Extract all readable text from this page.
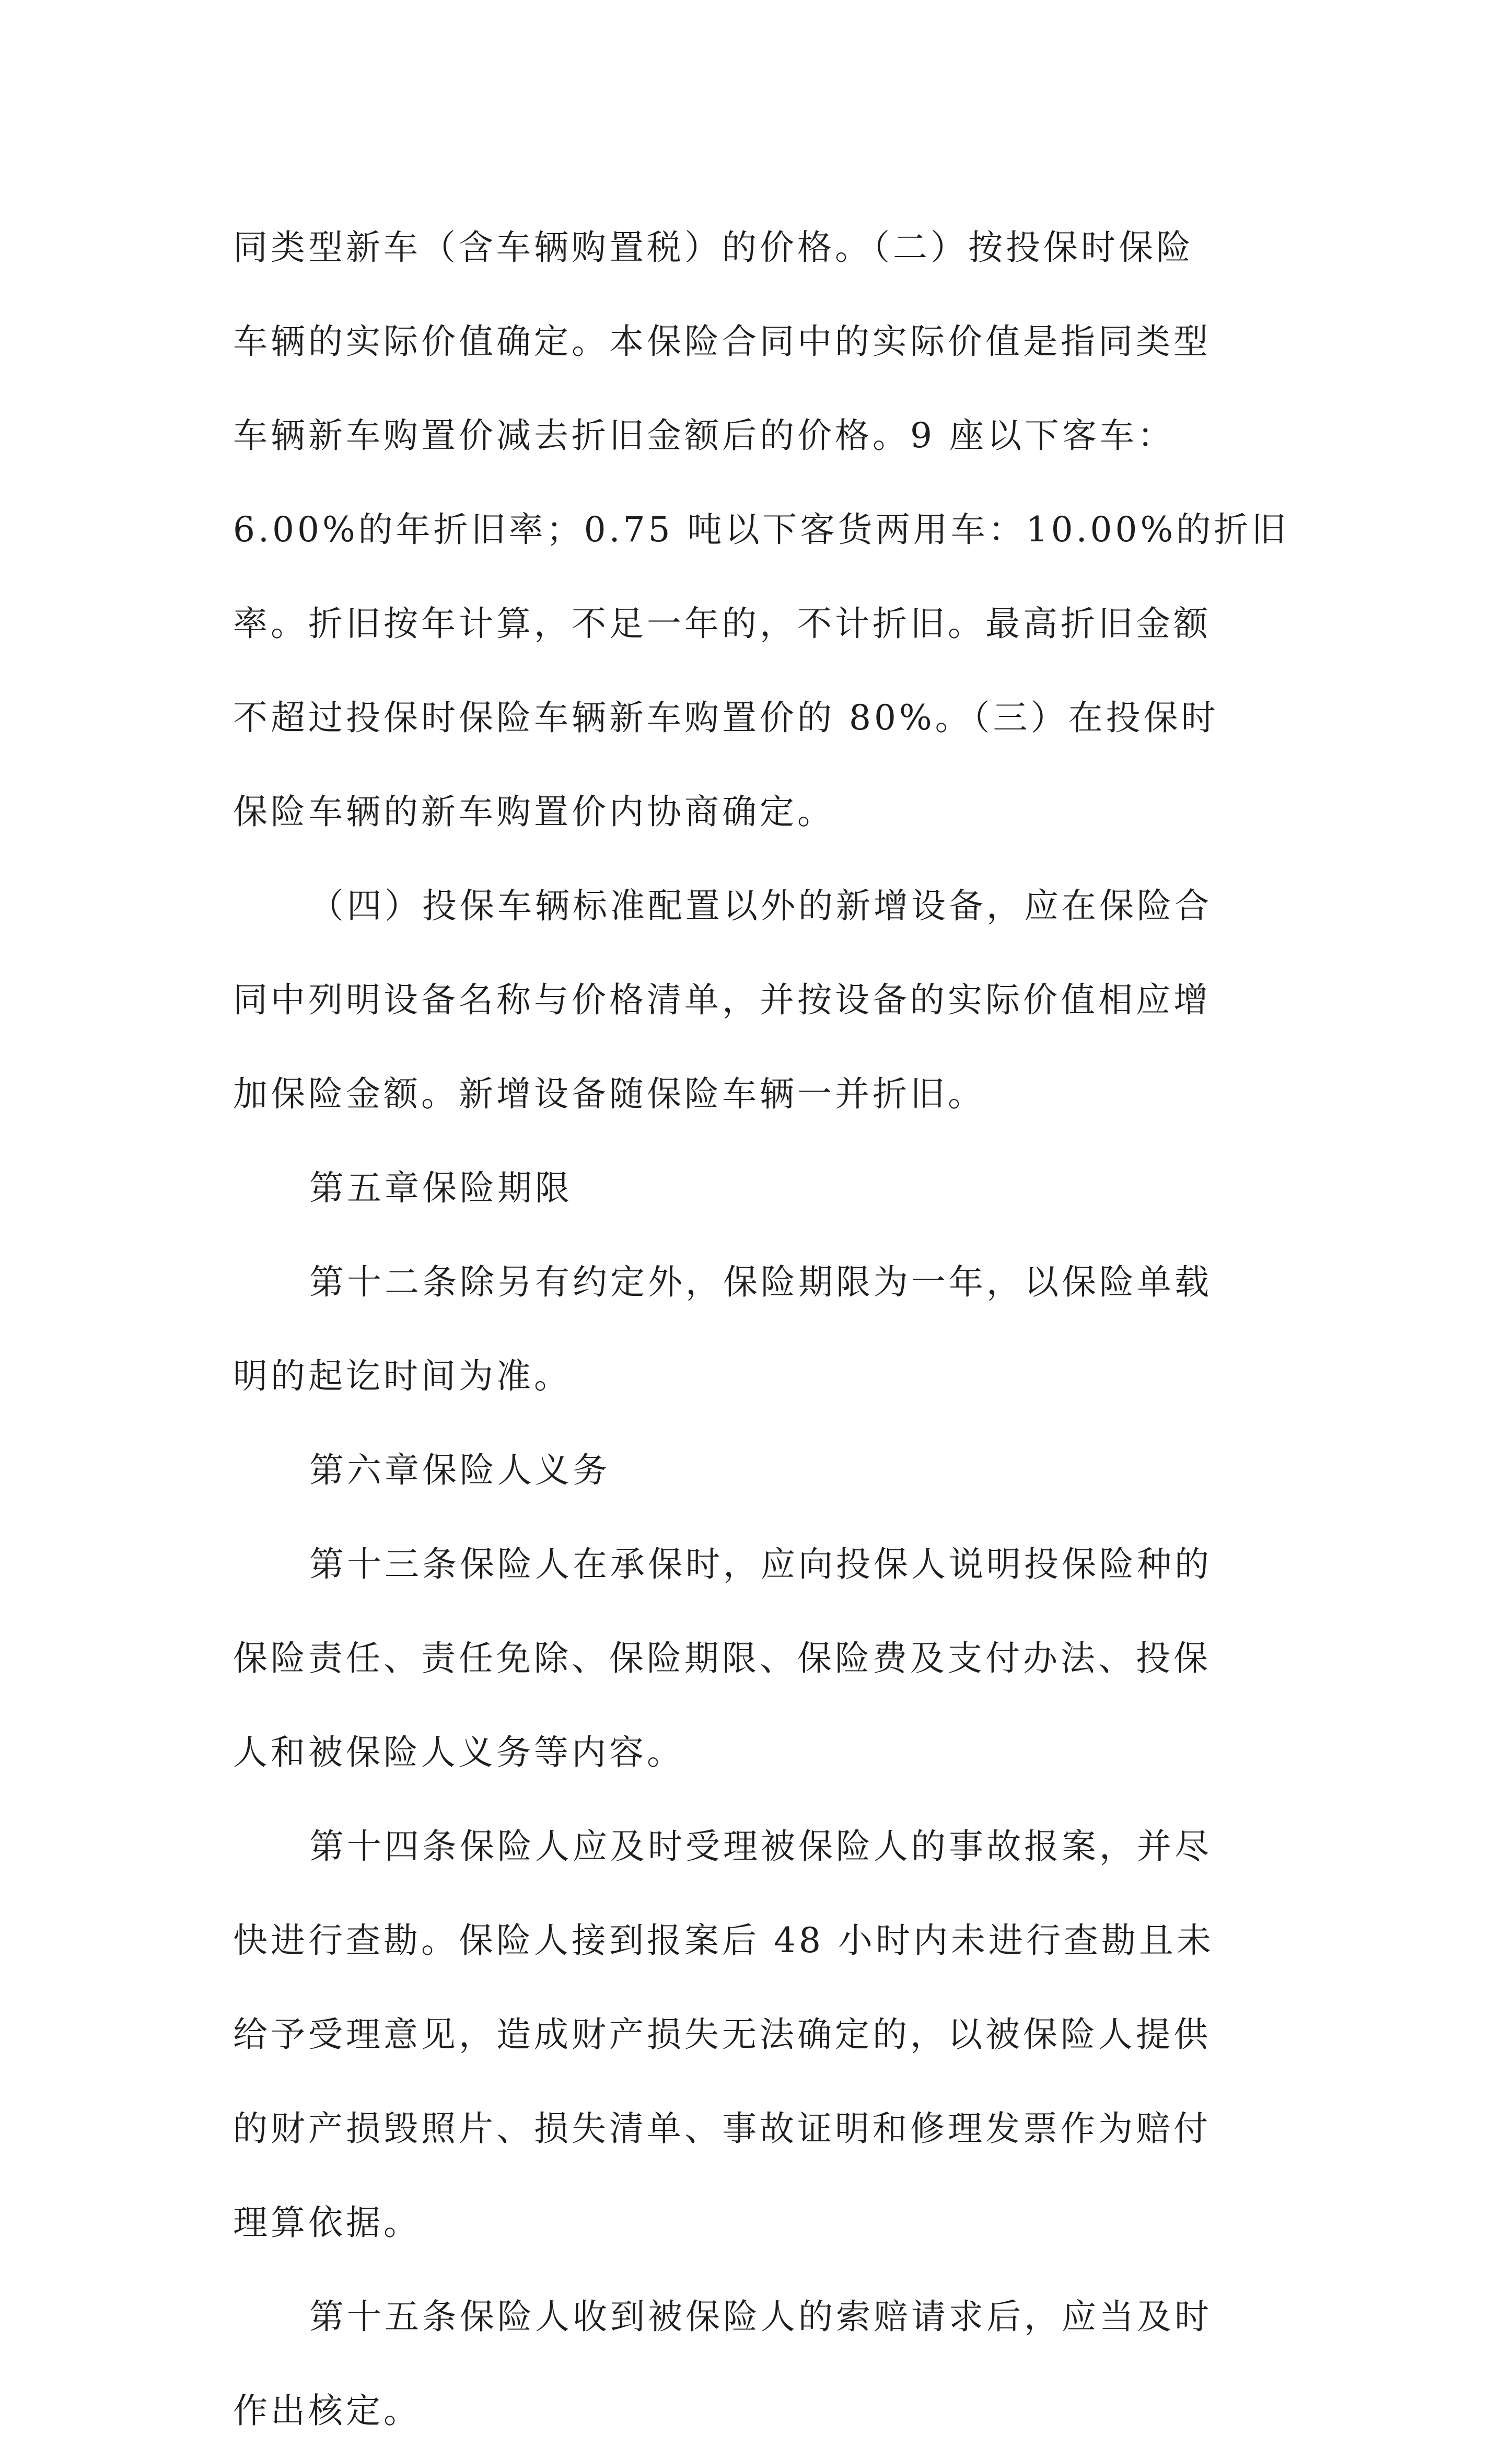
同类型新车（含车辆购置税）的价格。（二）按投保时保险
车辆的实际价值确定。本保险合同中的实际价值是指同类型
车辆新车购置价减去折旧金额后的价格。9 座以下客车：
6.00%的年折旧率；0.75 吨以下客货两用车：10.00%的折旧
率。折旧按年计算，不足一年的，不计折旧。最高折旧金额
不超过投保时保险车辆新车购置价的 80%。（三）在投保时
保险车辆的新车购置价内协商确定。
（四）投保车辆标准配置以外的新增设备，应在保险合
同中列明设备名称与价格清单，并按设备的实际价值相应增
加保险金额。新增设备随保险车辆一并折旧。
第五章保险期限
第十二条除另有约定外，保险期限为一年，以保险单载
明的起讫时间为准。
第六章保险人义务
第十三条保险人在承保时，应向投保人说明投保险种的
保险责任、责任免除、保险期限、保险费及支付办法、投保
人和被保险人义务等内容。
第十四条保险人应及时受理被保险人的事故报案，并尽
快进行查勘。保险人接到报案后 48 小时内未进行查勘且未
给予受理意见，造成财产损失无法确定的，以被保险人提供
的财产损毁照片、损失清单、事故证明和修理发票作为赔付
理算依据。
第十五条保险人收到被保险人的索赔请求后，应当及时
作出核定。
